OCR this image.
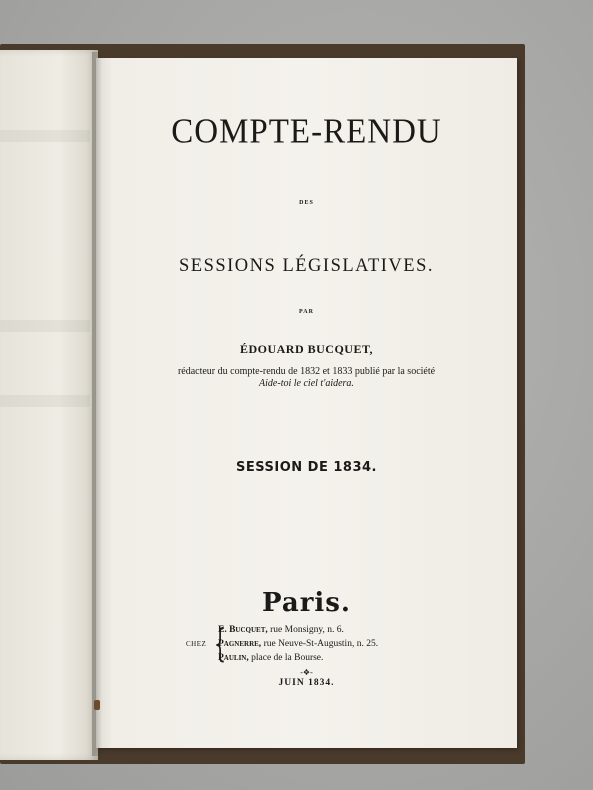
COMPTE-RENDU
DES
SESSIONS LÉGISLATIVES.
PAR
ÉDOUARD BUCQUET,
rédacteur du compte-rendu de 1832 et 1833 publié par la société
Aide-toi le ciel t'aidera.
SESSION DE 1834.
Paris.
CHEZ {
E. Bucquet, rue Monsigny, n. 6.
Pagnerre, rue Neuve-St-Augustin, n. 25.
Paulin, place de la Bourse.
-❖-
JUIN 1834.
